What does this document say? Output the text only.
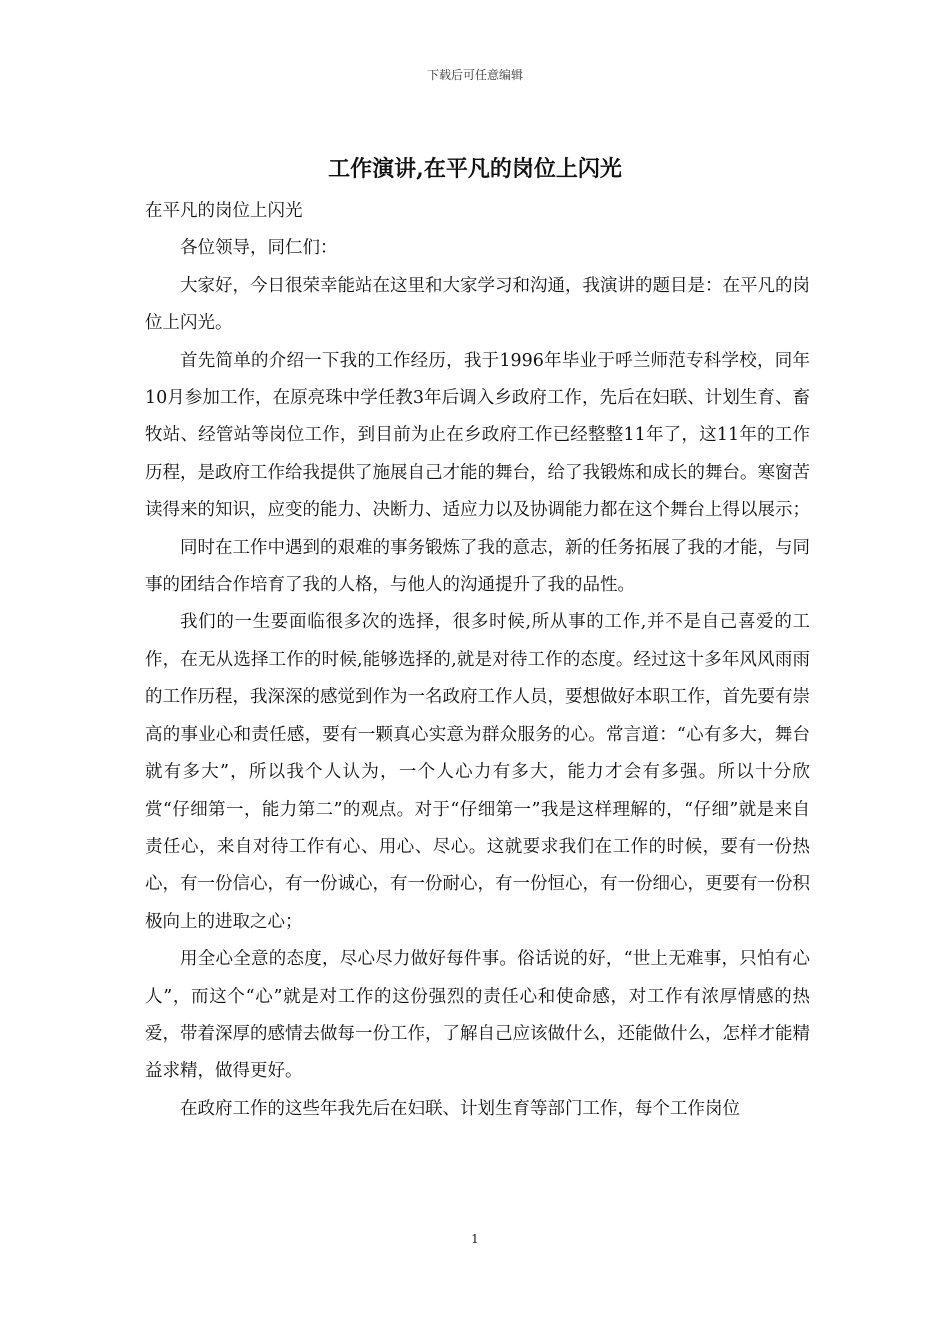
下载后可任意编辑
工作演讲,在平凡的岗位上闪光

在平凡的岗位上闪光

各位领导，同仁们：

大家好，今日很荣幸能站在这里和大家学习和沟通，我演讲的题目是：在平凡的岗位上闪光。

首先简单的介绍一下我的工作经历，我于1996年毕业于呼兰师范专科学校，同年10月参加工作，在原亮珠中学任教3年后调入乡政府工作，先后在妇联、计划生育、畜牧站、经管站等岗位工作，到目前为止在乡政府工作已经整整11年了，这11年的工作历程，是政府工作给我提供了施展自己才能的舞台，给了我锻炼和成长的舞台。寒窗苦读得来的知识，应变的能力、决断力、适应力以及协调能力都在这个舞台上得以展示；

同时在工作中遇到的艰难的事务锻炼了我的意志，新的任务拓展了我的才能，与同事的团结合作培育了我的人格，与他人的沟通提升了我的品性。

我们的一生要面临很多次的选择，很多时候,所从事的工作,并不是自己喜爱的工作，在无从选择工作的时候,能够选择的,就是对待工作的态度。经过这十多年风风雨雨的工作历程，我深深的感觉到作为一名政府工作人员，要想做好本职工作，首先要有崇高的事业心和责任感，要有一颗真心实意为群众服务的心。常言道：“心有多大，舞台就有多大”，所以我个人认为，一个人心力有多大，能力才会有多强。所以十分欣赏“仔细第一，能力第二”的观点。对于“仔细第一”我是这样理解的，“仔细”就是来自责任心，来自对待工作有心、用心、尽心。这就要求我们在工作的时候，要有一份热心，有一份信心，有一份诚心，有一份耐心，有一份恒心，有一份细心，更要有一份积极向上的进取之心；

用全心全意的态度，尽心尽力做好每件事。俗话说的好，“世上无难事，只怕有心人”，而这个“心”就是对工作的这份强烈的责任心和使命感，对工作有浓厚情感的热爱，带着深厚的感情去做每一份工作，了解自己应该做什么，还能做什么，怎样才能精益求精，做得更好。

在政府工作的这些年我先后在妇联、计划生育等部门工作，每个工作岗位

1
